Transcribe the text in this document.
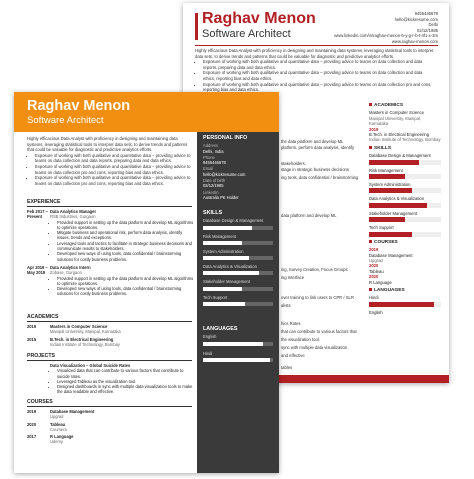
Raghav Menon
Software Architect
9455446678
hello@kickresume.com
Delhi
02/12/1985
www.linkedin.com/in/raghav-menon-b-y-g-r-b-t-4f1-x-3m
www.raghav-menon.com
Highly efficacious Data Analyst with proficiency in designing and maintaining data systems, leveraging statistical tools to interpret data sets, to derive trends and patterns that could be valuable for diagnostic and predictive analytics efforts.
• Exposure of working with both qualitative and quantitative data – providing advice to teams on data collection and data reports, preparing data and data ethics.
• Exposure of working with both qualitative and quantitative data – providing advice to teams on data collection and data ethics, reporting bias and data ethics.
• Exposure of working with both qualitative and quantitative data – providing advice to teams on data collection pro and cons, reporting bias and data ethics.
the data platform and develop ML
platform, perform data analysis, identify
stakeholders.
stage in strategic business decisions
ing tools, data confidential / brainstorming
data platform and develop ML
ing, Survey Creation, Focus Groups
ing Interface
over training to link users to CPR / SLR
alists
hics Rates
that can contribute to various factors that
the visualization tool.
sync with multiple data visualization
and effective
tables
ACADEMICS
Masters in Computer Science
Manipal University, Manipal, Karnataka
2019
B.Tech. in Electrical Engineering
Indian Institute of Technology, Bombay
SKILLS
Database Design & Management
Risk Management
System Administration
Data Analytics & Visualization
Stakeholder Management
Tech Support
COURSES
2019
Database Management
Upgrad
2020
Tableau
2020
R Language
LANGUAGES
Hindi
English
Raghav Menon
Software Architect
Highly efficacious Data Analyst with proficiency in designing and maintaining data systems, leveraging statistical tools to interpret data sets, to derive trends and patterns that could be valuable for diagnostic and predictive analytics efforts.
• Exposure of working with both qualitative and quantitative data – providing advice to teams on data collection and data reports, preparing data and data ethics.
• Exposure of working with both qualitative and quantitative data – providing advice to teams on data collection pro and cons, reporting bias and data ethics.
• Exposure of working with both qualitative and quantitative data – providing advice to teams on data collection pro and cons, reporting bias and data ethics.
EXPERIENCE
Feb 2017 –
Present
Data Analytics Manager
RSB Industries, Gurgaon
• Provided support in setting up the data platform and develop ML algorithms to optimize operations.
• Mitigate business and operational risk, perform data analysis, identify issues, trends and exceptions.
• Leveraged tools and tactics to facilitate in strategic business decisions and communicate results to stakeholders.
• Developed new ways of using tools, data confidential / brainstorming solutions for costly business problems.
Apr 2019 –
May 2019
Data Analytics Intern
Zobase, Gurgaon
• Provided support in setting up the data platform and develop ML algorithms to optimize operations.
• Developed new ways of using tools, data confidential / brainstorming solutions for costly business problems.
ACADEMICS
2019	Masters in Computer Science
Manipal University, Manipal, Karnataka
2015	B.Tech. in Electrical Engineering
Indian Institute of Technology, Bombay
PROJECTS
Data Visualization – Global Suicide Rates
• Visualized data that can contribute to various factors that contribute to suicide rates.
• Leveraged Tableau as the visualization tool.
• Designed dashboards in sync with multiple data visualization tools to make the data readable and effective.
COURSES
2019	Database Management
Upgrad
2020	Tableau
Coursera
2017	R Language
Udemy
PERSONAL INFO
Address
Delhi, India
Phone
9455446678
Email
hello@kickresume.com
Date of birth
02/12/1985
LinkedIn
Australia PK Holder
SKILLS
Database Design & Management
Risk Management
System Administration
Data Analytics & Visualization
Stakeholder Management
Tech Support
LANGUAGES
English
Hindi
